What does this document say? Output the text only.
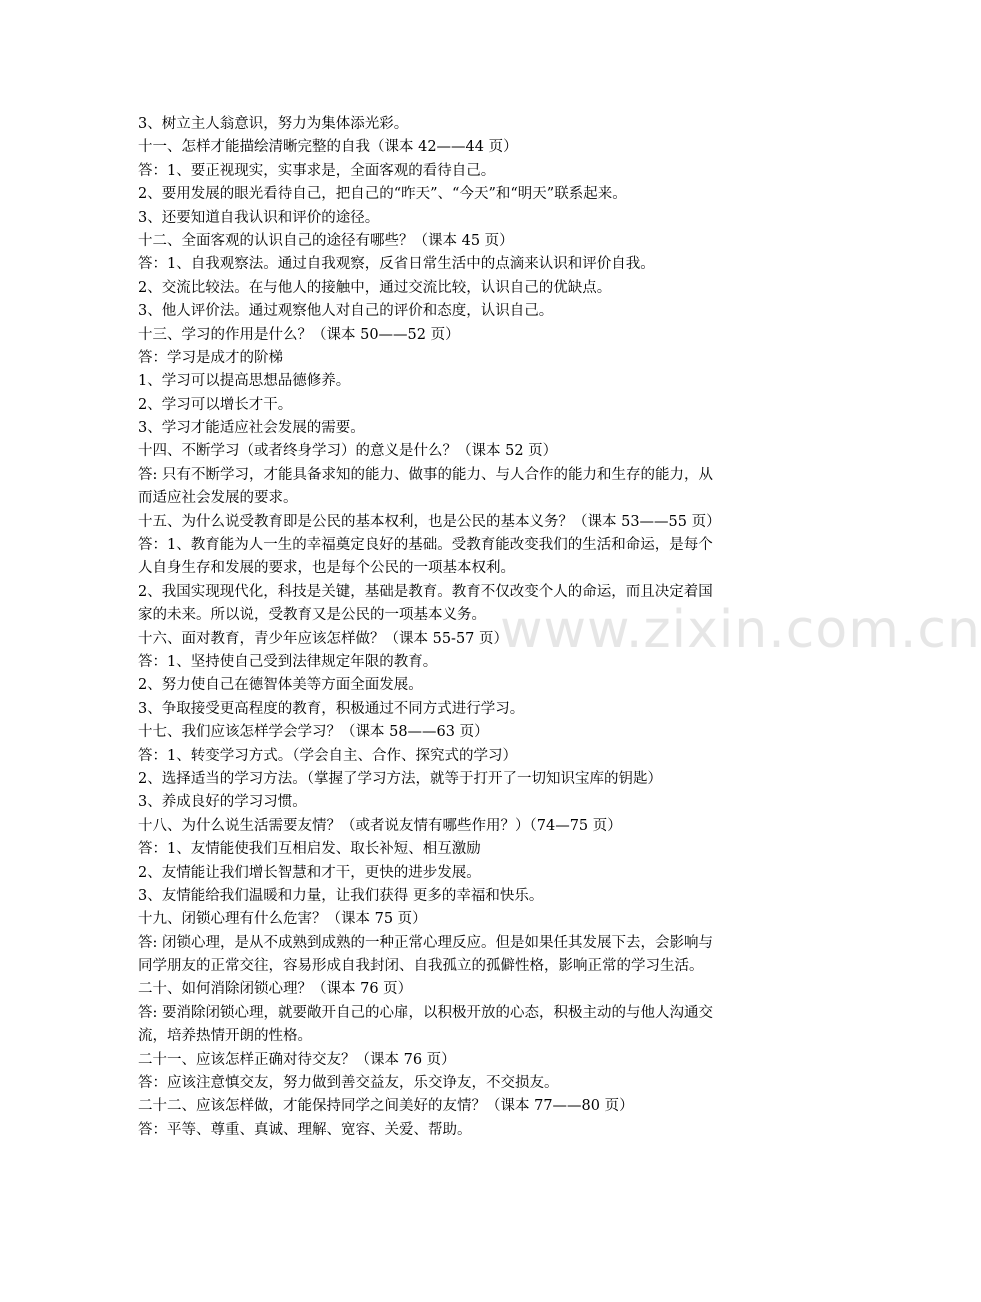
www.zixin.com.cn
3、树立主人翁意识，努力为集体添光彩。
十一、怎样才能描绘清晰完整的自我（课本 42——44 页）
答：1、要正视现实，实事求是，全面客观的看待自己。
2、要用发展的眼光看待自己，把自己的“昨天”、“今天”和“明天”联系起来。
3、还要知道自我认识和评价的途径。
十二、全面客观的认识自己的途径有哪些？（课本 45 页）
答：1、自我观察法。通过自我观察，反省日常生活中的点滴来认识和评价自我。
2、交流比较法。在与他人的接触中，通过交流比较，认识自己的优缺点。
3、他人评价法。通过观察他人对自己的评价和态度，认识自己。
十三、学习的作用是什么？（课本 50——52 页）
答：学习是成才的阶梯
1、学习可以提高思想品德修养。
2、学习可以增长才干。
3、学习才能适应社会发展的需要。
十四、不断学习（或者终身学习）的意义是什么？（课本 52 页）
答: 只有不断学习，才能具备求知的能力、做事的能力、与人合作的能力和生存的能力，从
而适应社会发展的要求。
十五、为什么说受教育即是公民的基本权利，也是公民的基本义务？（课本 53——55 页）
答：1、教育能为人一生的幸福奠定良好的基础。受教育能改变我们的生活和命运，是每个
人自身生存和发展的要求，也是每个公民的一项基本权利。
2、我国实现现代化，科技是关键，基础是教育。教育不仅改变个人的命运，而且决定着国
家的未来。所以说，受教育又是公民的一项基本义务。
十六、面对教育，青少年应该怎样做？（课本 55-57 页）
答：1、坚持使自己受到法律规定年限的教育。
2、努力使自己在德智体美等方面全面发展。
3、争取接受更高程度的教育，积极通过不同方式进行学习。
十七、我们应该怎样学会学习？（课本 58——63 页）
答：1、转变学习方式。（学会自主、合作、探究式的学习）
2、选择适当的学习方法。（掌握了学习方法，就等于打开了一切知识宝库的钥匙）
3、养成良好的学习习惯。
十八、为什么说生活需要友情？（或者说友情有哪些作用？）（74—75 页）
答：1、友情能使我们互相启发、取长补短、相互激励
2、友情能让我们增长智慧和才干，更快的进步发展。
3、友情能给我们温暖和力量，让我们获得 更多的幸福和快乐。
十九、闭锁心理有什么危害？（课本 75 页）
答: 闭锁心理，是从不成熟到成熟的一种正常心理反应。但是如果任其发展下去，会影响与
同学朋友的正常交往，容易形成自我封闭、自我孤立的孤僻性格，影响正常的学习生活。
二十、如何消除闭锁心理？（课本 76 页）
答: 要消除闭锁心理，就要敞开自己的心扉，以积极开放的心态，积极主动的与他人沟通交
流，培养热情开朗的性格。
二十一、应该怎样正确对待交友？（课本 76 页）
答：应该注意慎交友，努力做到善交益友，乐交诤友，不交损友。
二十二、应该怎样做，才能保持同学之间美好的友情？（课本 77——80 页）
答：平等、尊重、真诚、理解、宽容、关爱、帮助。
